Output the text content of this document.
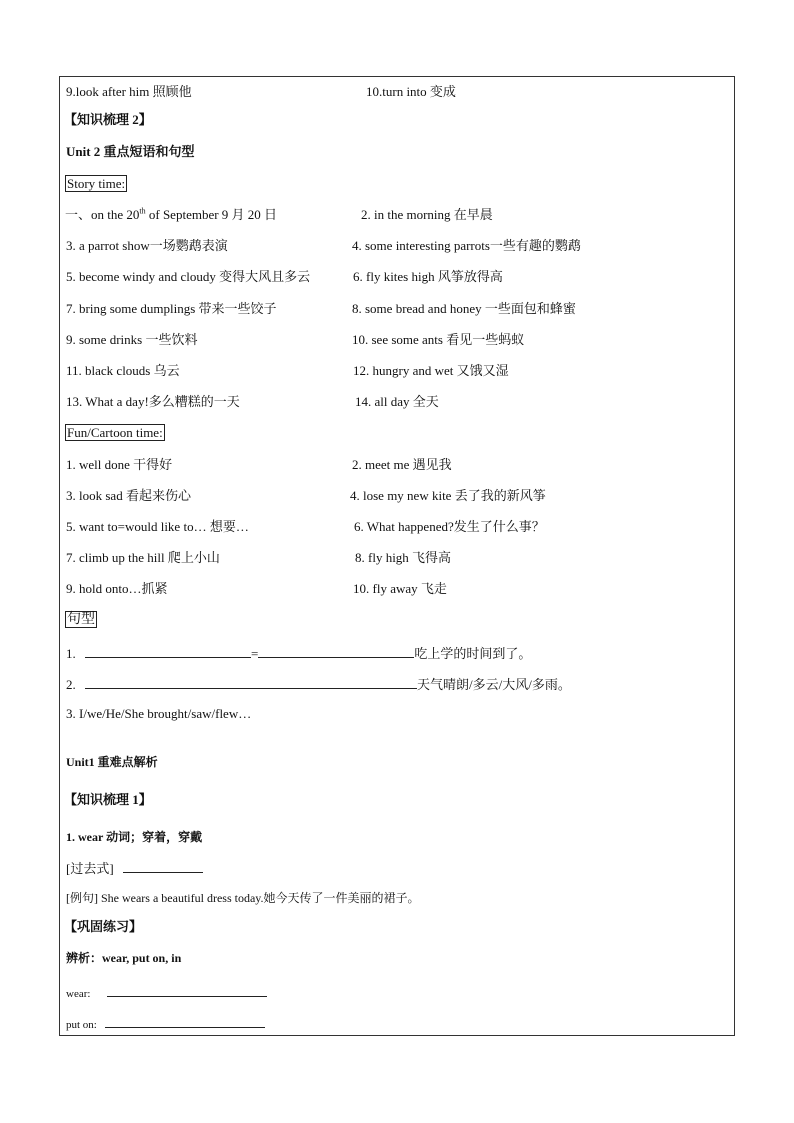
9.look after him 照顾他	10.turn into 变成
【知识梳理 2】
Unit 2 重点短语和句型
Story time:
一、on the 20th of September 9 月 20 日	2. in the morning 在早晨
3. a parrot show一场鹦鹉表演	4. some interesting parrots一些有趣的鹦鹉
5. become windy and cloudy 变得大风且多云	6. fly kites high 风筝放得高
7. bring some dumplings 带来一些饺子	8. some bread and honey 一些面包和蜂蜜
9. some drinks 一些饮料	10. see some ants 看见一些蚂蚁
11. black clouds 乌云	12. hungry and wet 又饿又湿
13. What a day!多么糟糕的一天	14. all day 全天
Fun/Cartoon time:
1. well done 干得好	2. meet me 遇见我
3. look sad 看起来伤心	4. lose my new kite 丢了我的新风筝
5. want to=would like to… 想要…	6. What happened?发生了什么事？
7. climb up the hill 爬上小山	8. fly high 飞得高
9. hold onto…抓紧	10. fly away 飞走
句型
1.	=	吃上学的时间到了。
2.	天气晴朗/多云/大风/多雨。
3. I/we/He/She brought/saw/flew…
Unit1 重难点解析
【知识梳理 1】
1. wear 动词；穿着，穿戴
[过去式]
[例句] She wears a beautiful dress today.她今天传了一件美丽的裙子。
【巩固练习】
辨析：wear, put on, in
wear:
put on:
